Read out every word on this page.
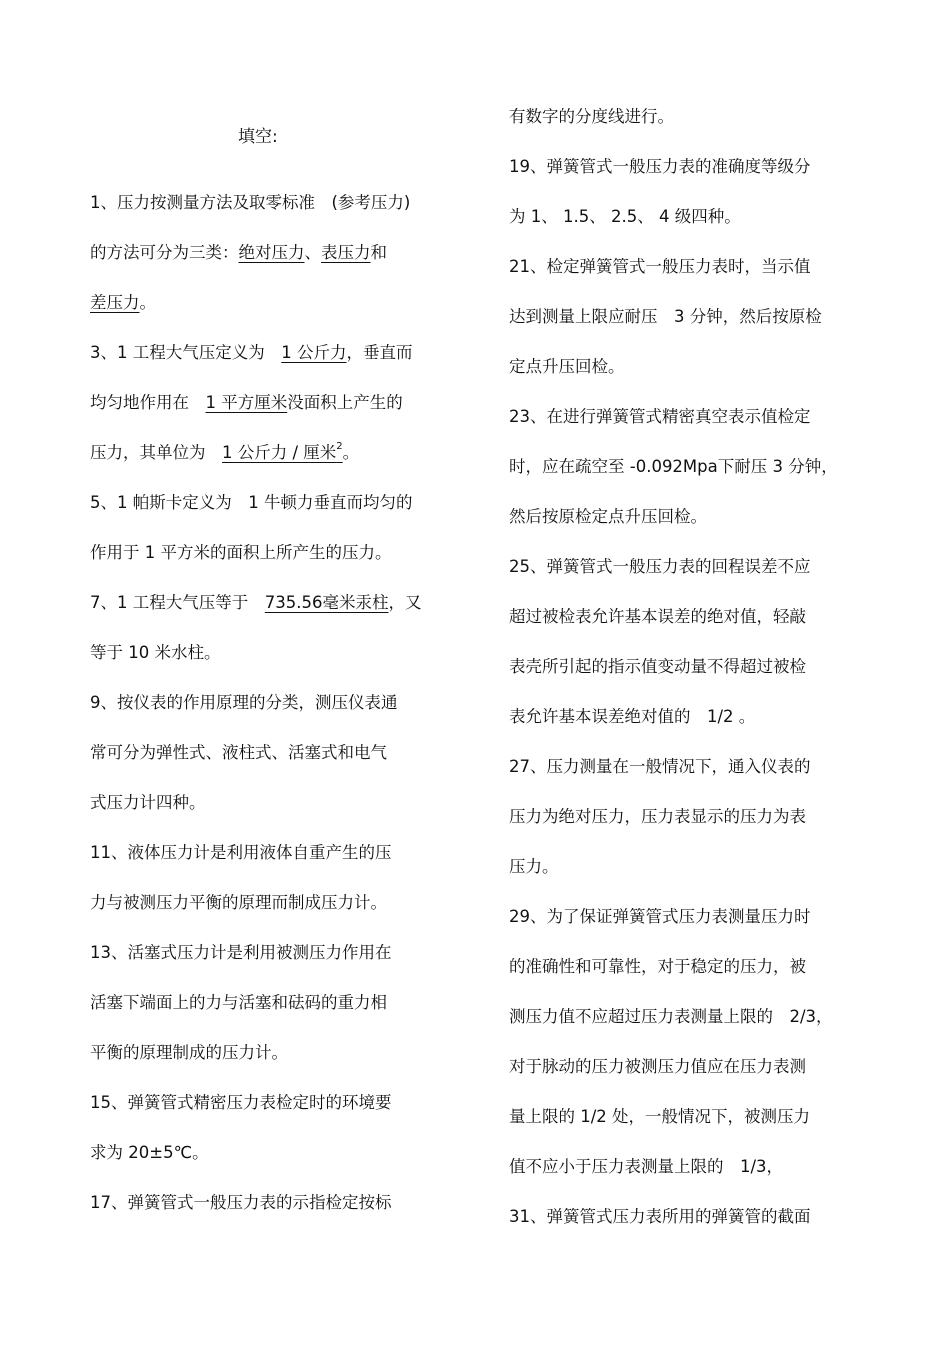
填空:
1、压力按测量方法及取零标准　(参考压力)
的方法可分为三类：绝对压力、表压力和
差压力。
3、1 工程大气压定义为　1 公斤力，垂直而
均匀地作用在　1 平方厘米没面积上产生的
压力，其单位为　1 公斤力 / 厘米$^2$。
5、1 帕斯卡定义为　1 牛顿力垂直而均匀的
作用于 1 平方米的面积上所产生的压力。
7、1 工程大气压等于　735.56毫米汞柱，又
等于 10 米水柱。
9、按仪表的作用原理的分类，测压仪表通
常可分为弹性式、液柱式、活塞式和电气
式压力计四种。
11、液体压力计是利用液体自重产生的压
力与被测压力平衡的原理而制成压力计。
13、活塞式压力计是利用被测压力作用在
活塞下端面上的力与活塞和砝码的重力相
平衡的原理制成的压力计。
15、弹簧管式精密压力表检定时的环境要
求为 20±5℃。
17、弹簧管式一般压力表的示指检定按标
有数字的分度线进行。
19、弹簧管式一般压力表的准确度等级分
为 1、 1.5、 2.5、 4 级四种。
21、检定弹簧管式一般压力表时，当示值
达到测量上限应耐压　3 分钟，然后按原检
定点升压回检。
23、在进行弹簧管式精密真空表示值检定
时，应在疏空至 -0.092Mpa下耐压 3 分钟，
然后按原检定点升压回检。
25、弹簧管式一般压力表的回程误差不应
超过被检表允许基本误差的绝对值，轻敲
表壳所引起的指示值变动量不得超过被检
表允许基本误差绝对值的　1/2 。
27、压力测量在一般情况下，通入仪表的
压力为绝对压力，压力表显示的压力为表
压力。
29、为了保证弹簧管式压力表测量压力时
的准确性和可靠性，对于稳定的压力，被
测压力值不应超过压力表测量上限的　2/3，
对于脉动的压力被测压力值应在压力表测
量上限的 1/2 处，一般情况下，被测压力
值不应小于压力表测量上限的　1/3，
31、弹簧管式压力表所用的弹簧管的截面
